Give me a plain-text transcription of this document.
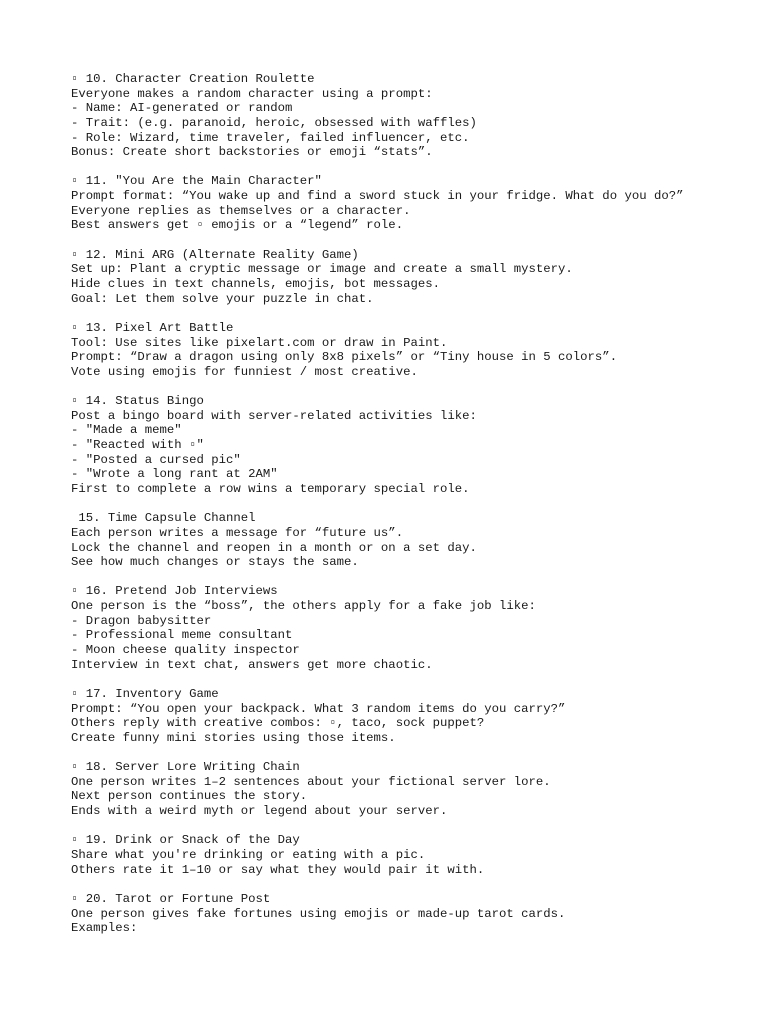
▫ 10. Character Creation Roulette
Everyone makes a random character using a prompt:
- Name: AI-generated or random
- Trait: (e.g. paranoid, heroic, obsessed with waffles)
- Role: Wizard, time traveler, failed influencer, etc.
Bonus: Create short backstories or emoji “stats”.
▫ 11. "You Are the Main Character"
Prompt format: “You wake up and find a sword stuck in your fridge. What do you do?”
Everyone replies as themselves or a character.
Best answers get ▫ emojis or a “legend” role.
▫ 12. Mini ARG (Alternate Reality Game)
Set up: Plant a cryptic message or image and create a small mystery.
Hide clues in text channels, emojis, bot messages.
Goal: Let them solve your puzzle in chat.
▫ 13. Pixel Art Battle
Tool: Use sites like pixelart.com or draw in Paint.
Prompt: “Draw a dragon using only 8x8 pixels” or “Tiny house in 5 colors”.
Vote using emojis for funniest / most creative.
▫ 14. Status Bingo
Post a bingo board with server-related activities like:
- "Made a meme"
- "Reacted with ▫"
- "Posted a cursed pic"
- "Wrote a long rant at 2AM"
First to complete a row wins a temporary special role.
15. Time Capsule Channel
Each person writes a message for “future us”.
Lock the channel and reopen in a month or on a set day.
See how much changes or stays the same.
▫ 16. Pretend Job Interviews
One person is the “boss”, the others apply for a fake job like:
- Dragon babysitter
- Professional meme consultant
- Moon cheese quality inspector
Interview in text chat, answers get more chaotic.
▫ 17. Inventory Game
Prompt: “You open your backpack. What 3 random items do you carry?”
Others reply with creative combos: ▫, taco, sock puppet?
Create funny mini stories using those items.
▫ 18. Server Lore Writing Chain
One person writes 1–2 sentences about your fictional server lore.
Next person continues the story.
Ends with a weird myth or legend about your server.
▫ 19. Drink or Snack of the Day
Share what you're drinking or eating with a pic.
Others rate it 1–10 or say what they would pair it with.
▫ 20. Tarot or Fortune Post
One person gives fake fortunes using emojis or made-up tarot cards.
Examples:
